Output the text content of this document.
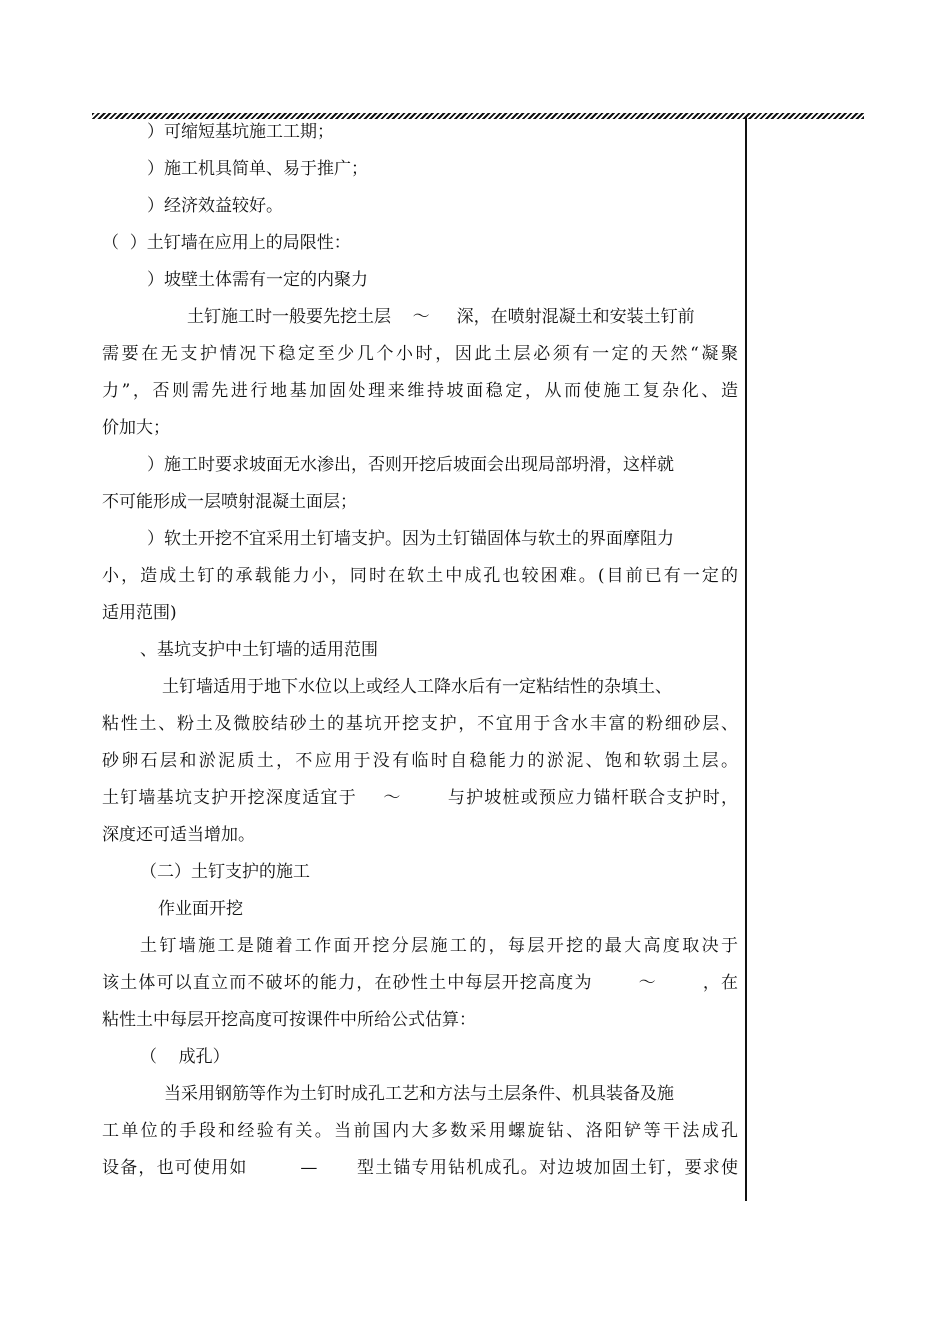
）可缩短基坑施工工期；

）施工机具简单、易于推广；

）经济效益较好。

（  ）土钉墙在应用上的局限性：

）坡壁土体需有一定的内聚力

土钉施工时一般要先挖土层    ～     深，在喷射混凝土和安装土钉前

需要在无支护情况下稳定至少几个小时，因此土层必须有一定的天然“凝聚

力”，否则需先进行地基加固处理来维持坡面稳定，从而使施工复杂化、造

价加大；

）施工时要求坡面无水渗出，否则开挖后坡面会出现局部坍滑，这样就

不可能形成一层喷射混凝土面层；

）软土开挖不宜采用土钉墙支护。因为土钉锚固体与软土的界面摩阻力

小，造成土钉的承载能力小，同时在软土中成孔也较困难。(目前已有一定的

适用范围)

、基坑支护中土钉墙的适用范围

土钉墙适用于地下水位以上或经人工降水后有一定粘结性的杂填土、

粘性土、粉土及微胶结砂土的基坑开挖支护，不宜用于含水丰富的粉细砂层、

砂卵石层和淤泥质土，不应用于没有临时自稳能力的淤泥、饱和软弱土层。

土钉墙基坑支护开挖深度适宜于    ～       与护坡桩或预应力锚杆联合支护时，

深度还可适当增加。

（二）土钉支护的施工

作业面开挖

土钉墙施工是随着工作面开挖分层施工的，每层开挖的最大高度取决于

该土体可以直立而不破坏的能力，在砂性土中每层开挖高度为       ～       ，在

粘性土中每层开挖高度可按课件中所给公式估算：

（    成孔）

当采用钢筋等作为土钉时成孔工艺和方法与土层条件、机具装备及施

工单位的手段和经验有关。当前国内大多数采用螺旋钻、洛阳铲等干法成孔

设备，也可使用如        —      型土锚专用钻机成孔。对边坡加固土钉，要求使
